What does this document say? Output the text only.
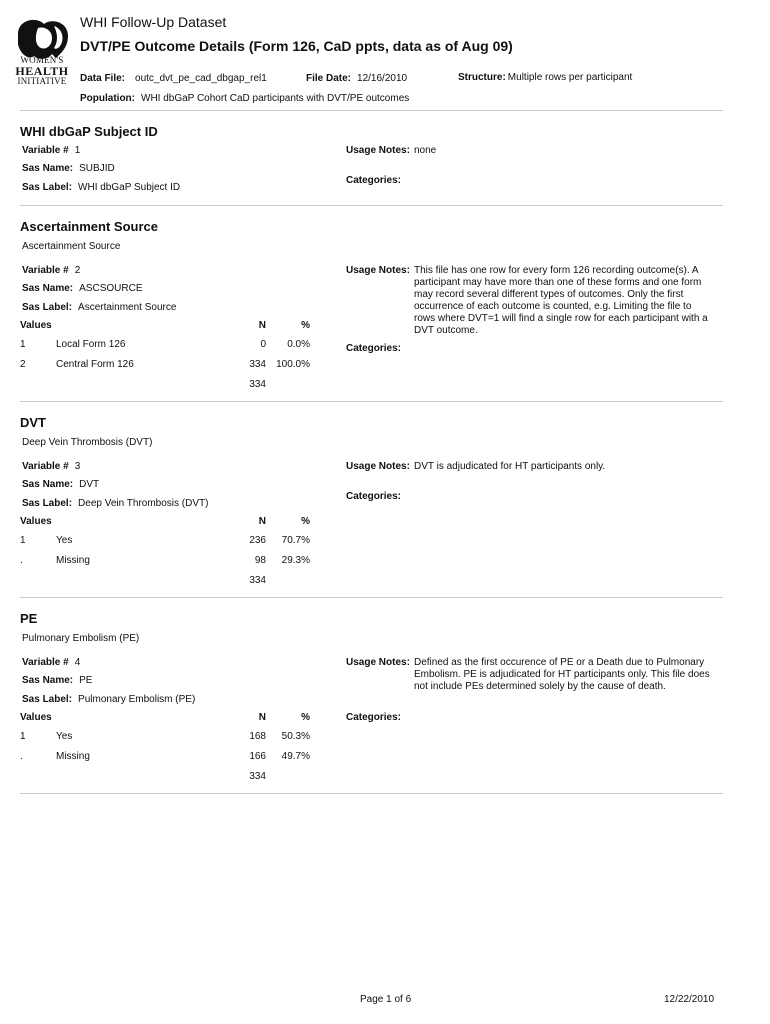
WOMEN'S
HEALTH
INITIATIVE
WHI Follow-Up Dataset
DVT/PE Outcome Details (Form 126, CaD ppts, data as of Aug 09)
Data File: outc_dvt_pe_cad_dbgap_rel1	File Date: 12/16/2010	Structure: Multiple rows per participant
Population: WHI dbGaP Cohort CaD participants with DVT/PE outcomes
WHI dbGaP Subject ID
Variable # 1
Sas Name: SUBJID
Sas Label: WHI dbGaP Subject ID
Usage Notes: none
Categories:
Ascertainment Source
Ascertainment Source
Variable # 2
Sas Name: ASCSOURCE
Sas Label: Ascertainment Source
Usage Notes: This file has one row for every form 126 recording outcome(s). A participant may have more than one of these forms and one form may record several different types of outcomes. Only the first occurrence of each outcome is counted, e.g. Limiting the file to rows where DVT=1 will find a single row for each participant with a DVT outcome.
Categories:
Values		N	%
1	Local Form 126	0	0.0%
2	Central Form 126	334	100.0%
		334	
DVT
Deep Vein Thrombosis (DVT)
Variable # 3
Sas Name: DVT
Sas Label: Deep Vein Thrombosis (DVT)
Usage Notes: DVT is adjudicated for HT participants only.
Categories:
Values		N	%
1	Yes	236	70.7%
.	Missing	98	29.3%
		334	
PE
Pulmonary Embolism (PE)
Variable # 4
Sas Name: PE
Sas Label: Pulmonary Embolism (PE)
Usage Notes: Defined as the first occurence of PE or a Death due to Pulmonary Embolism. PE is adjudicated for HT participants only. This file does not include PEs determined solely by the cause of death.
Categories:
Values		N	%
1	Yes	168	50.3%
.	Missing	166	49.7%
		334	
Page 1 of 6	12/22/2010
